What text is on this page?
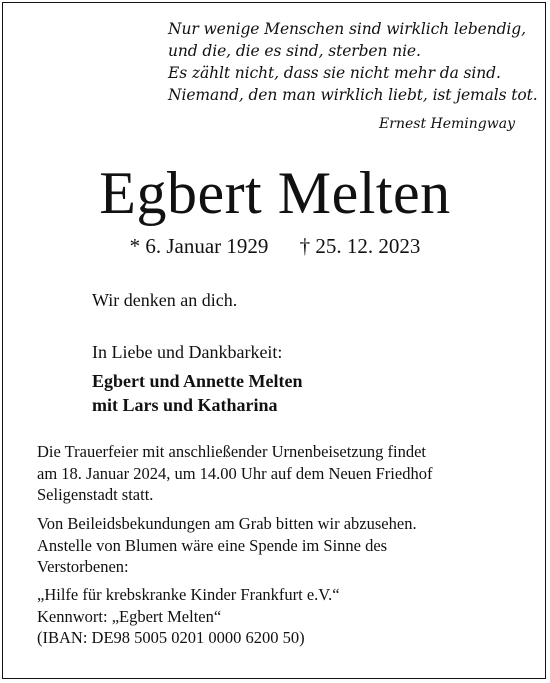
Nur wenige Menschen sind wirklich lebendig,
und die, die es sind, sterben nie.
Es zählt nicht, dass sie nicht mehr da sind.
Niemand, den man wirklich liebt, ist jemals tot.
Ernest Hemingway
Egbert Melten
* 6. Januar 1929 † 25. 12. 2023
Wir denken an dich.
In Liebe und Dankbarkeit:
Egbert und Annette Melten
mit Lars und Katharina
Die Trauerfeier mit anschließender Urnenbeisetzung findet
am 18. Januar 2024, um 14.00 Uhr auf dem Neuen Friedhof
Seligenstadt statt.
Von Beileidsbekundungen am Grab bitten wir abzusehen.
Anstelle von Blumen wäre eine Spende im Sinne des
Verstorbenen:
„Hilfe für krebskranke Kinder Frankfurt e.V.“
Kennwort: „Egbert Melten“
(IBAN: DE98 5005 0201 0000 6200 50)
